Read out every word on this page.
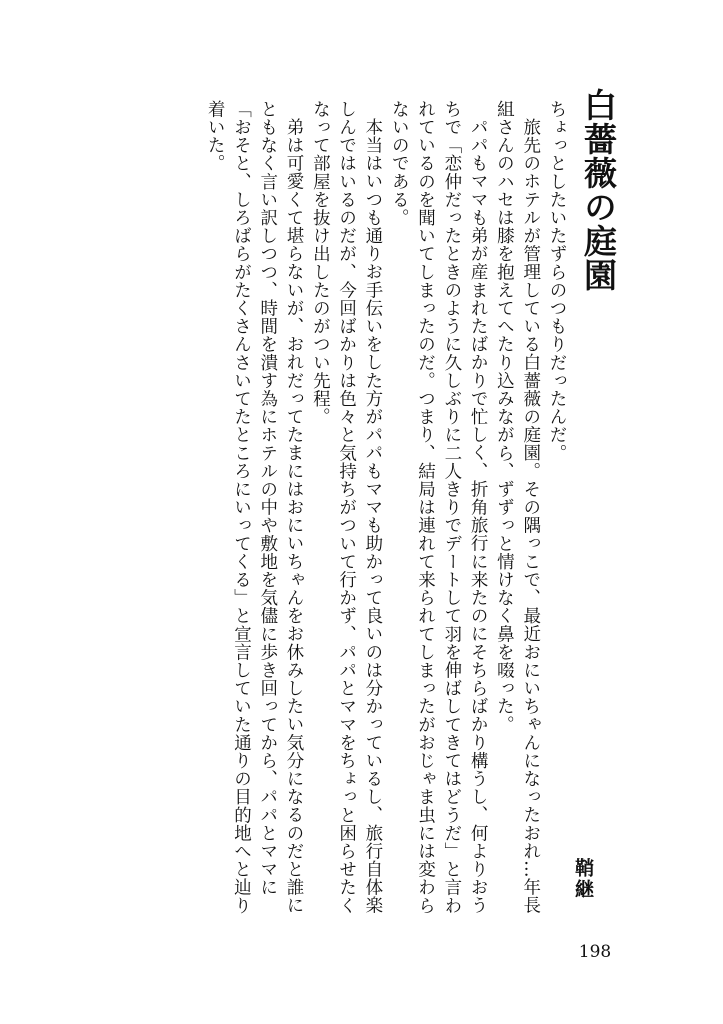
白薔薇の庭園

ちょっとしたいたずらのつもりだったんだ。

旅先のホテルが管理している白薔薇の庭園。その隅っこで、最近おにいちゃんになったおれ…年長組さんのハセは膝を抱えてへたり込みながら、ずずっと情けなく鼻を啜った。

パパもママも弟が産まれたばかりで忙しく、折角旅行に来たのにそちらばかり構うし、何よりおうちで「恋仲だったときのように久しぶりに二人きりでデートして羽を伸ばしてきてはどうだ」と言われているのを聞いてしまったのだ。つまり、結局は連れて来られてしまったがおじゃま虫には変わらないのである。

本当はいつも通りお手伝いをした方がパパもママも助かって良いのは分かっているし、旅行自体楽しんではいるのだが、今回ばかりは色々と気持ちがついて行かず、パパとママをちょっと困らせたくなって部屋を抜け出したのがつい先程。

弟は可愛くて堪らないが、おれだってたまにはおにいちゃんをお休みしたい気分になるのだと誰にともなく言い訳しつつ、時間を潰す為にホテルの中や敷地を気儘に歩き回ってから、パパとママに「おそと、しろばらがたくさんさいてたところにいってくる」と宣言していた通りの目的地へと辿り着いた。

鞘継
198
